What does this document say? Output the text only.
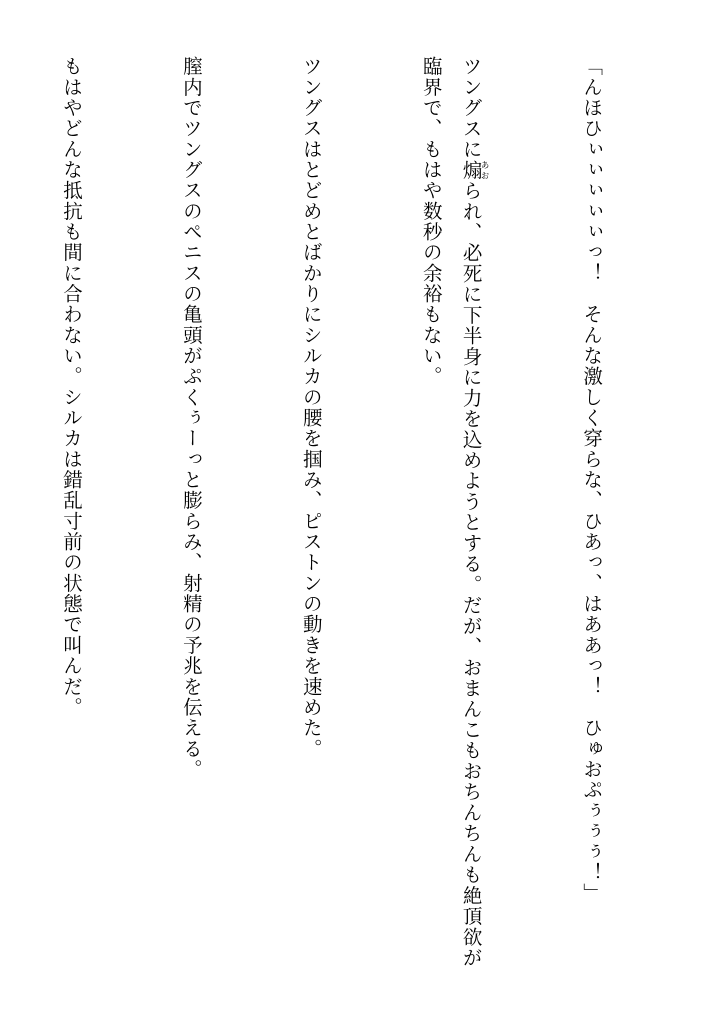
「んほひぃぃぃぃぃっ！　そんな激しく穿らな、ひあっ、はああっ！　ひゅおぷぅぅぅ！」

ツングスに煽 あおられ、必死に下半身に力を込めようとする。だが、おまんこもおちんちんも絶頂欲が臨界で、もはや数秒の余裕もない。

ツングスはとどめとばかりにシルカの腰を掴み、ピストンの動きを速めた。

膣内でツングスのペニスの亀頭がぷくぅーっと膨らみ、射精の予兆を伝える。

もはやどんな抵抗も間に合わない。シルカは錯乱寸前の状態で叫んだ。
